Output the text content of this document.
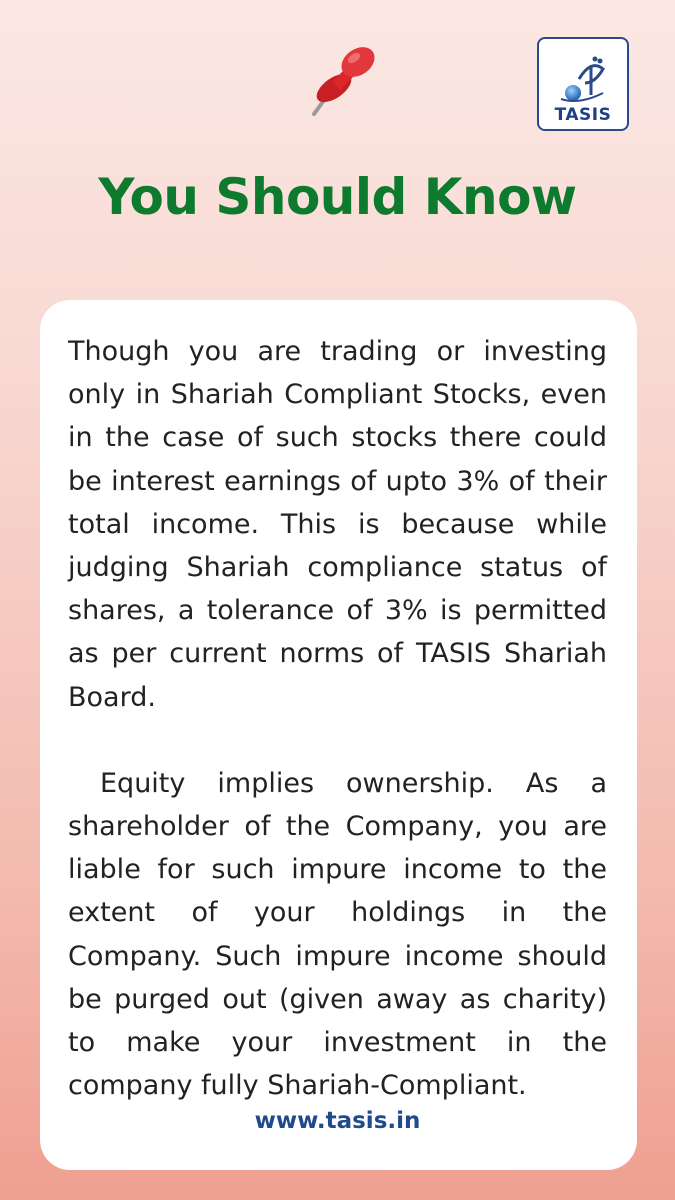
TASIS
You Should Know

Though you are trading or investing only in Shariah Compliant Stocks, even in the case of such stocks there could be interest earnings of upto 3% of their total income. This is because while judging Shariah compliance status of shares, a tolerance of 3% is permitted as per current norms of TASIS Shariah Board.

Equity implies ownership. As a shareholder of the Company, you are liable for such impure income to the extent of your holdings in the Company. Such impure income should be purged out (given away as charity) to make your investment in the company fully Shariah-Compliant.

www.tasis.in
